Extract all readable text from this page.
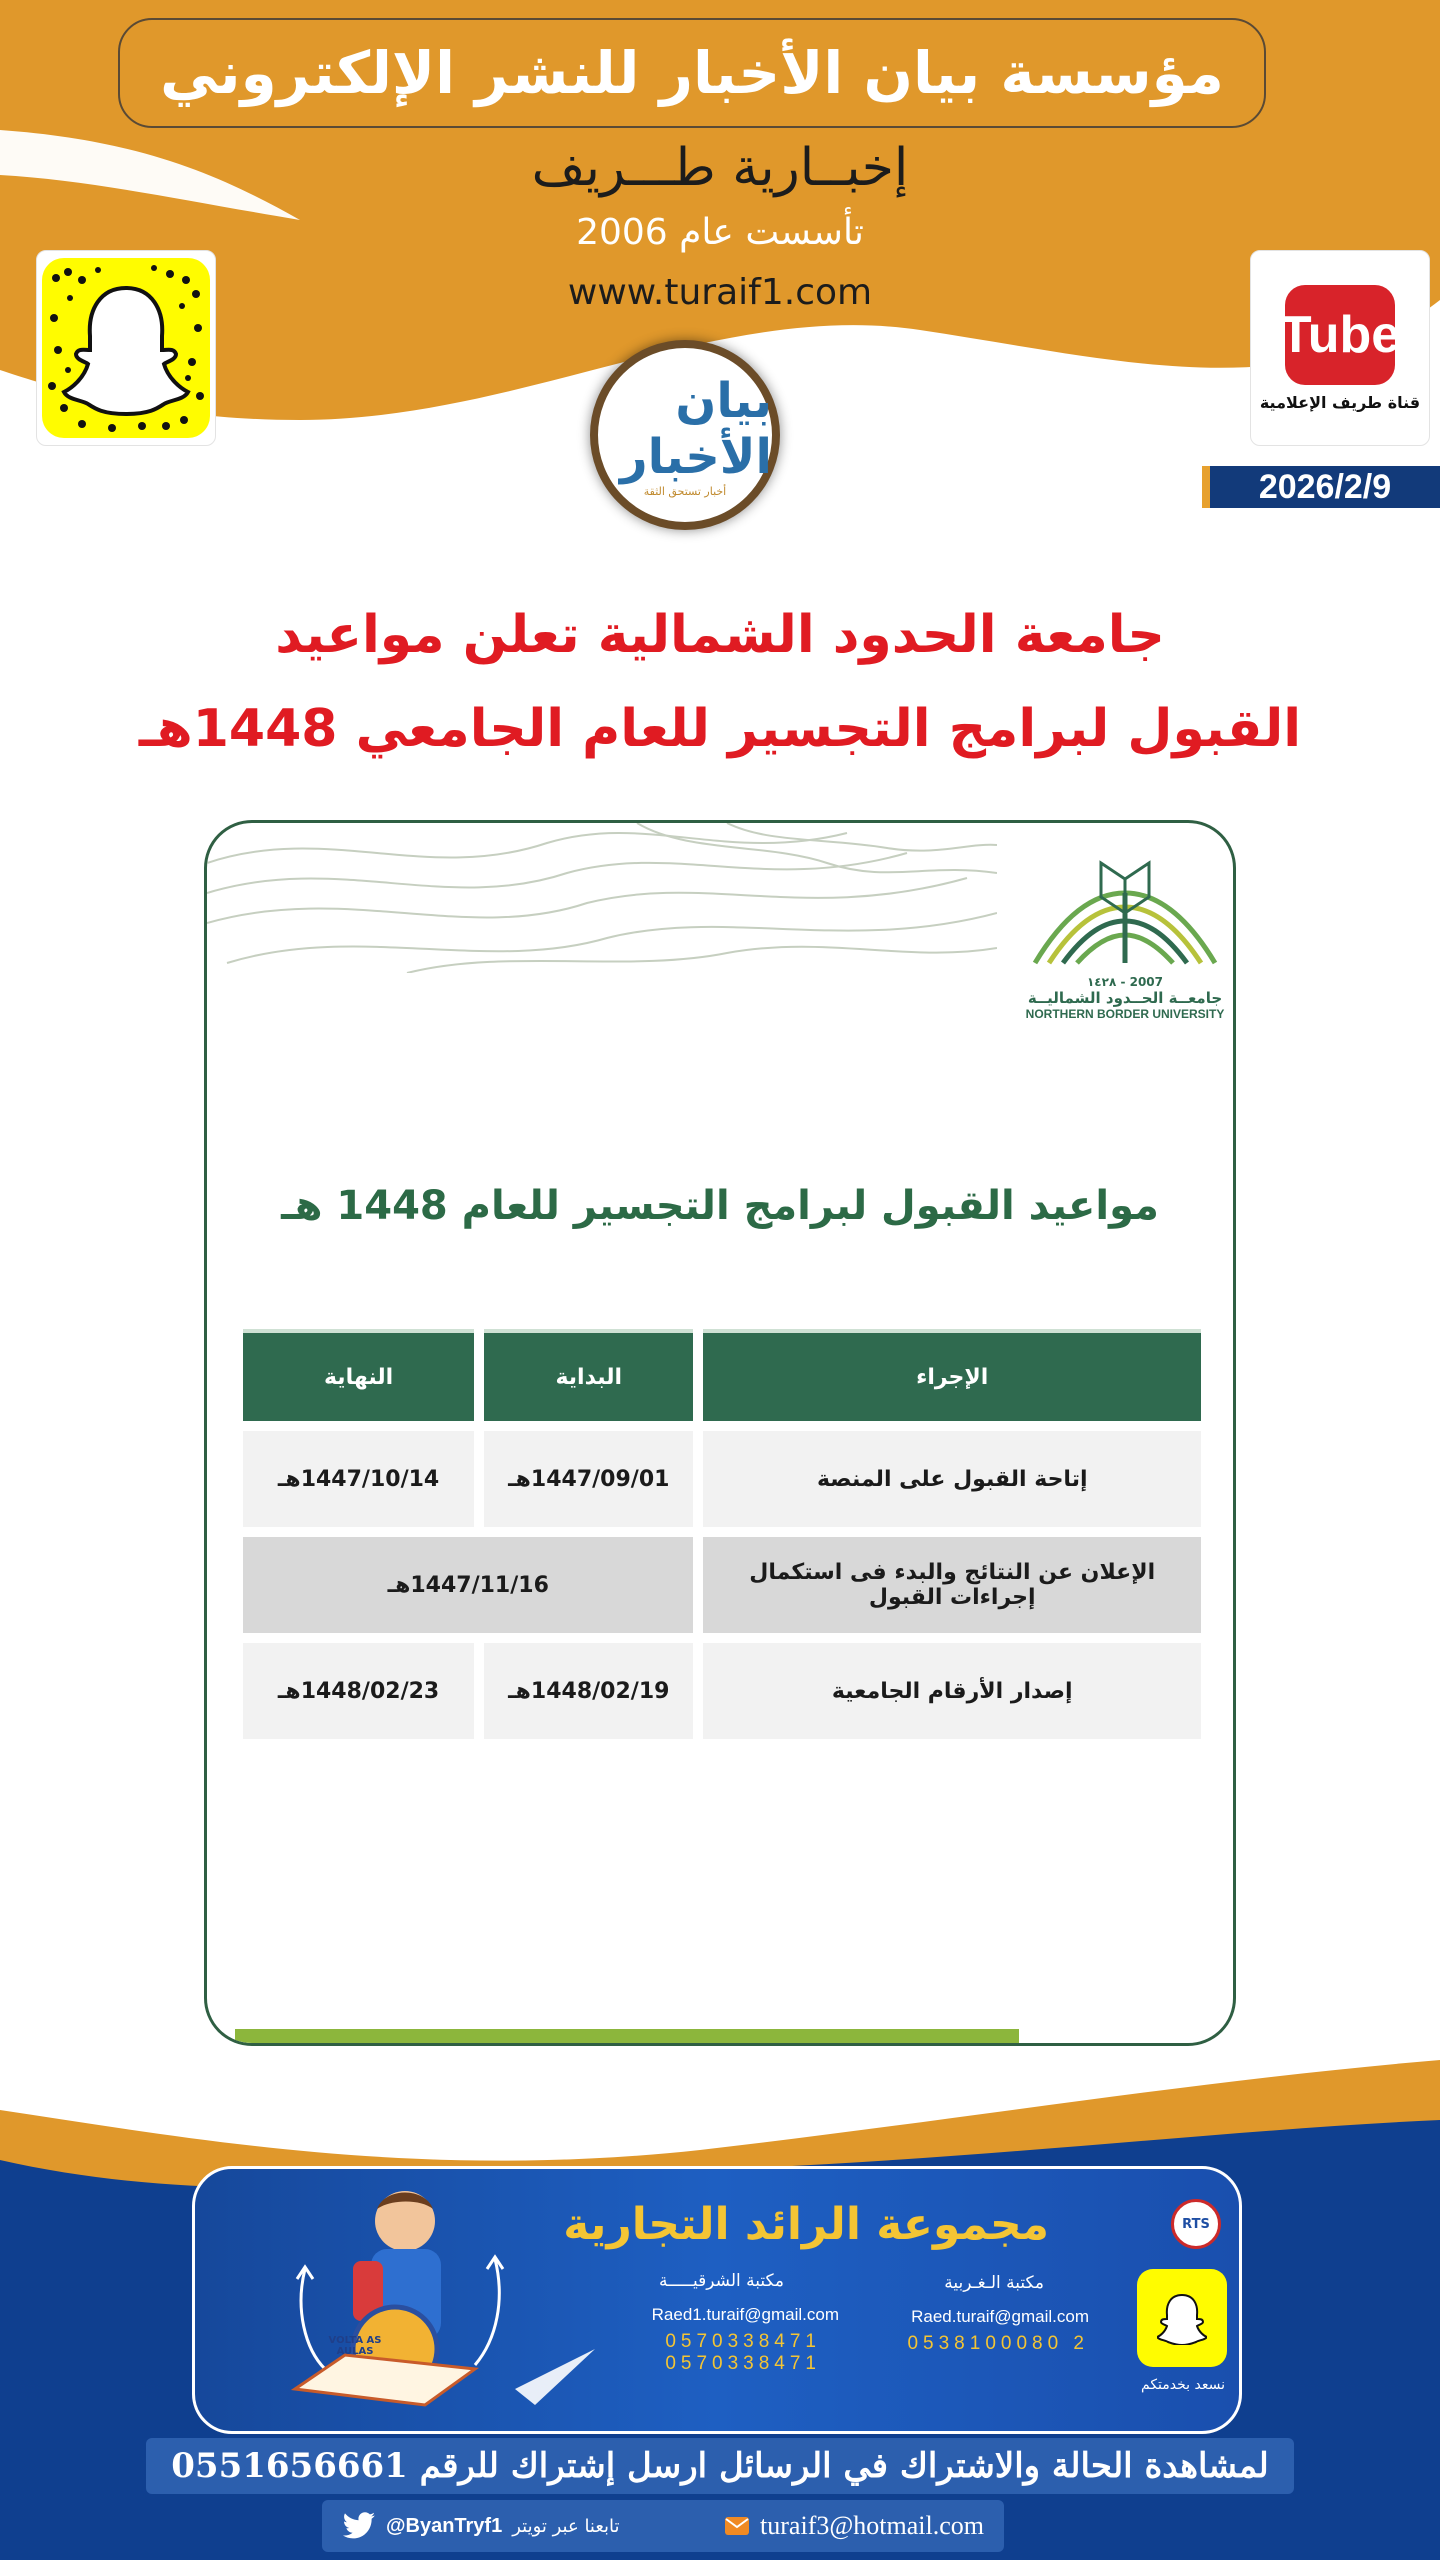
مؤسسة بيان الأخبار للنشر الإلكتروني
إخبــارية طـــريف
تأسست عام 2006
www.turaif1.com
Tube
قناة طريف الإعلامية
بيان الأخبار
أخبار تستحق الثقة	2026/2/9
جامعة الحدود الشمالية تعلن مواعيد
القبول لبرامج التجسير للعام الجامعي 1448هـ
2007 - ١٤٢٨
جامعــة الحــدود الشماليــة
NORTHERN BORDER UNIVERSITY
مواعيد القبول لبرامج التجسير للعام 1448 هـ
الإجراء	البداية	النهاية
إتاحة القبول على المنصة	1447/09/01هـ	1447/10/14هـ
الإعلان عن النتائج والبدء فى استكمال إجراءات القبول	1447/11/16هـ	
إصدار الأرقام الجامعية	1448/02/19هـ	1448/02/23هـ
VOLTA AS AULAS
مجموعة الرائد التجارية
مكتبة الشرقيـــــة
Raed1.turaif@gmail.com
0570338471
0570338471
مكتبة الـغـربية
Raed.turaif@gmail.com
0538100080 2
RTS
نسعد بخدمتكم
لمشاهدة الحالة والاشتراك في الرسائل ارسل إشتراك للرقم 0551656661
@ByanTryf1 تابعنا عبر تويتر	turaif3@hotmail.com
